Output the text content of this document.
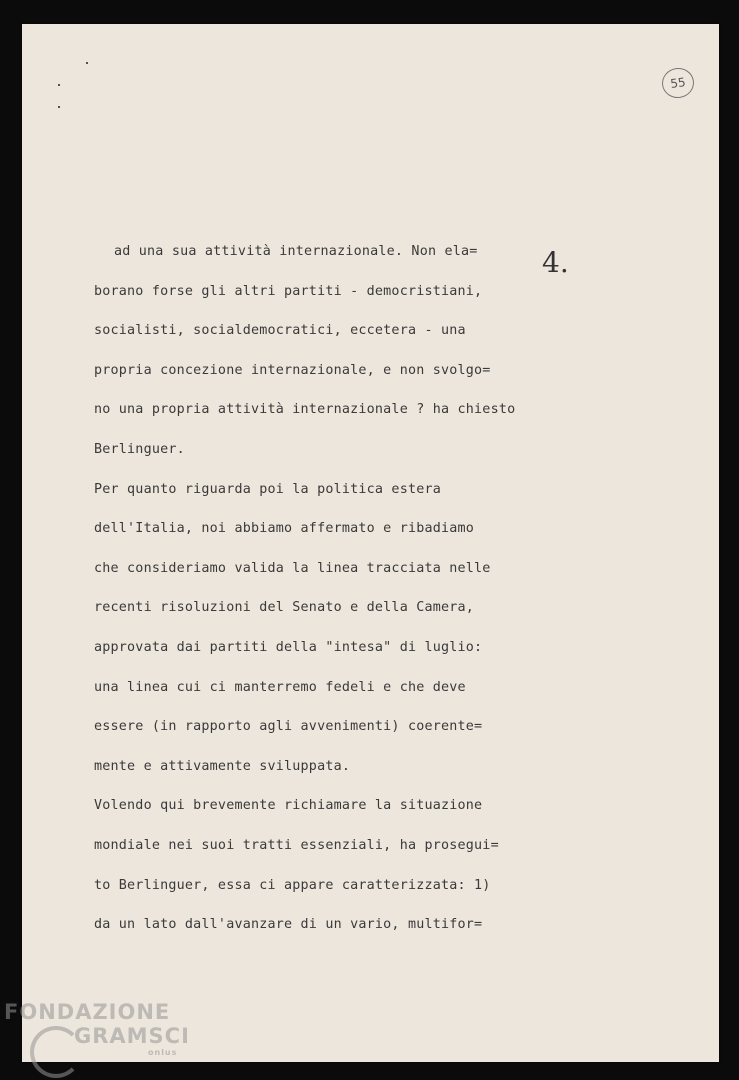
55
4.
ad una sua attività internazionale. Non ela=
borano forse gli altri partiti - democristiani,
socialisti, socialdemocratici, eccetera - una
propria concezione internazionale, e non svolgo=
no una propria attività internazionale ? ha chiesto
Berlinguer.
Per quanto riguarda poi la politica estera
dell'Italia, noi abbiamo affermato e ribadiamo
che consideriamo valida la linea tracciata nelle
recenti risoluzioni del Senato e della Camera,
approvata dai partiti della "intesa" di luglio:
una linea cui ci manterremo fedeli e che deve
essere (in rapporto agli avvenimenti) coerente=
mente e attivamente sviluppata.
Volendo qui brevemente richiamare la situazione
mondiale nei suoi tratti essenziali, ha prosegui=
to Berlinguer, essa ci appare caratterizzata: 1)
da un lato dall'avanzare di un vario, multifor=
FONDAZIONE
GRAMSCI
onlus
